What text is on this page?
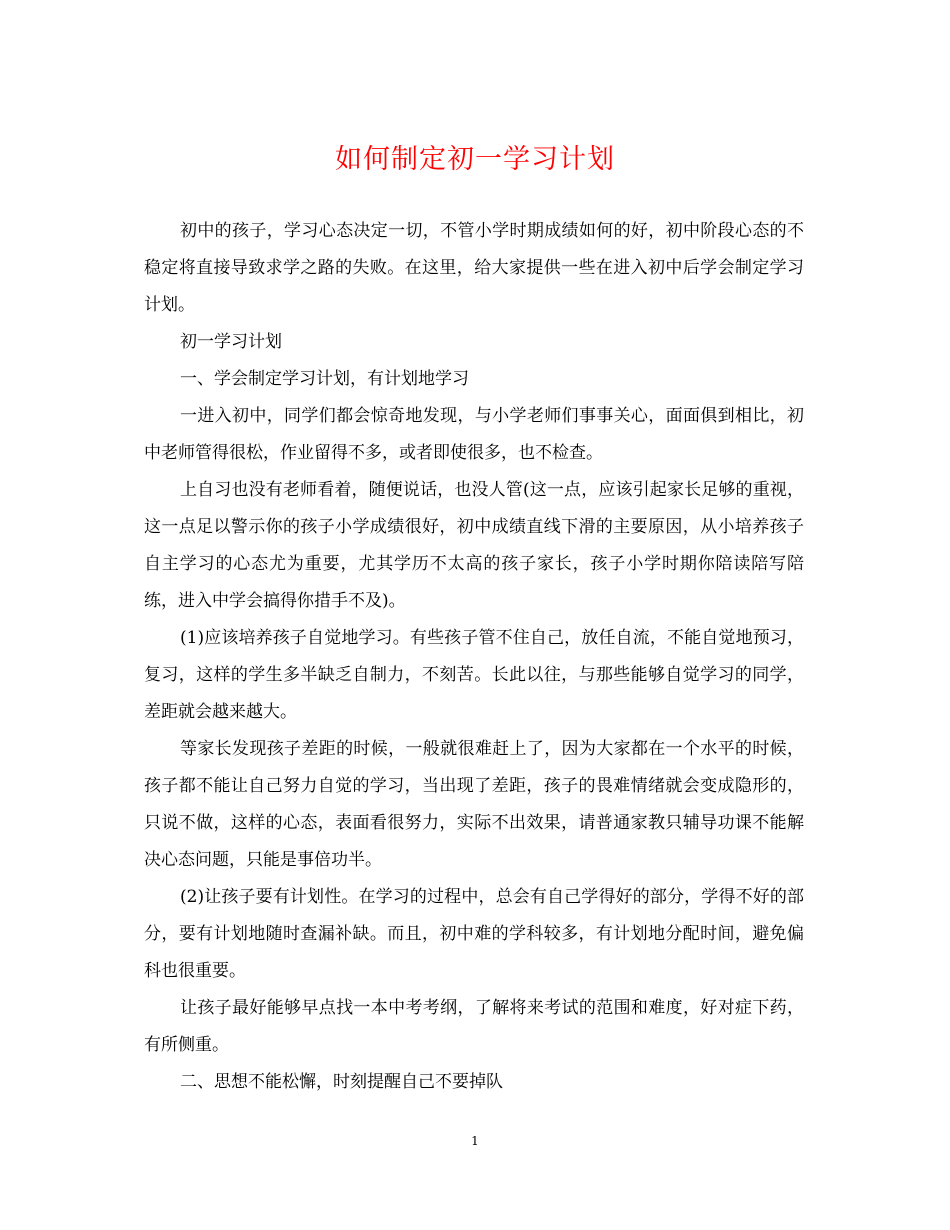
如何制定初一学习计划

初中的孩子，学习心态决定一切，不管小学时期成绩如何的好，初中阶段心态的不稳定将直接导致求学之路的失败。在这里，给大家提供一些在进入初中后学会制定学习计划。

初一学习计划

一、学会制定学习计划，有计划地学习

一进入初中，同学们都会惊奇地发现，与小学老师们事事关心，面面俱到相比，初中老师管得很松，作业留得不多，或者即使很多，也不检查。

上自习也没有老师看着，随便说话，也没人管(这一点，应该引起家长足够的重视，这一点足以警示你的孩子小学成绩很好，初中成绩直线下滑的主要原因，从小培养孩子自主学习的心态尤为重要，尤其学历不太高的孩子家长，孩子小学时期你陪读陪写陪练，进入中学会搞得你措手不及)。

(1)应该培养孩子自觉地学习。有些孩子管不住自己，放任自流，不能自觉地预习，复习，这样的学生多半缺乏自制力，不刻苦。长此以往，与那些能够自觉学习的同学，差距就会越来越大。

等家长发现孩子差距的时候，一般就很难赶上了，因为大家都在一个水平的时候，孩子都不能让自己努力自觉的学习，当出现了差距，孩子的畏难情绪就会变成隐形的，只说不做，这样的心态，表面看很努力，实际不出效果，请普通家教只辅导功课不能解决心态问题，只能是事倍功半。

(2)让孩子要有计划性。在学习的过程中，总会有自己学得好的部分，学得不好的部分，要有计划地随时查漏补缺。而且，初中难的学科较多，有计划地分配时间，避免偏科也很重要。

让孩子最好能够早点找一本中考考纲，了解将来考试的范围和难度，好对症下药，有所侧重。

二、思想不能松懈，时刻提醒自己不要掉队

1
